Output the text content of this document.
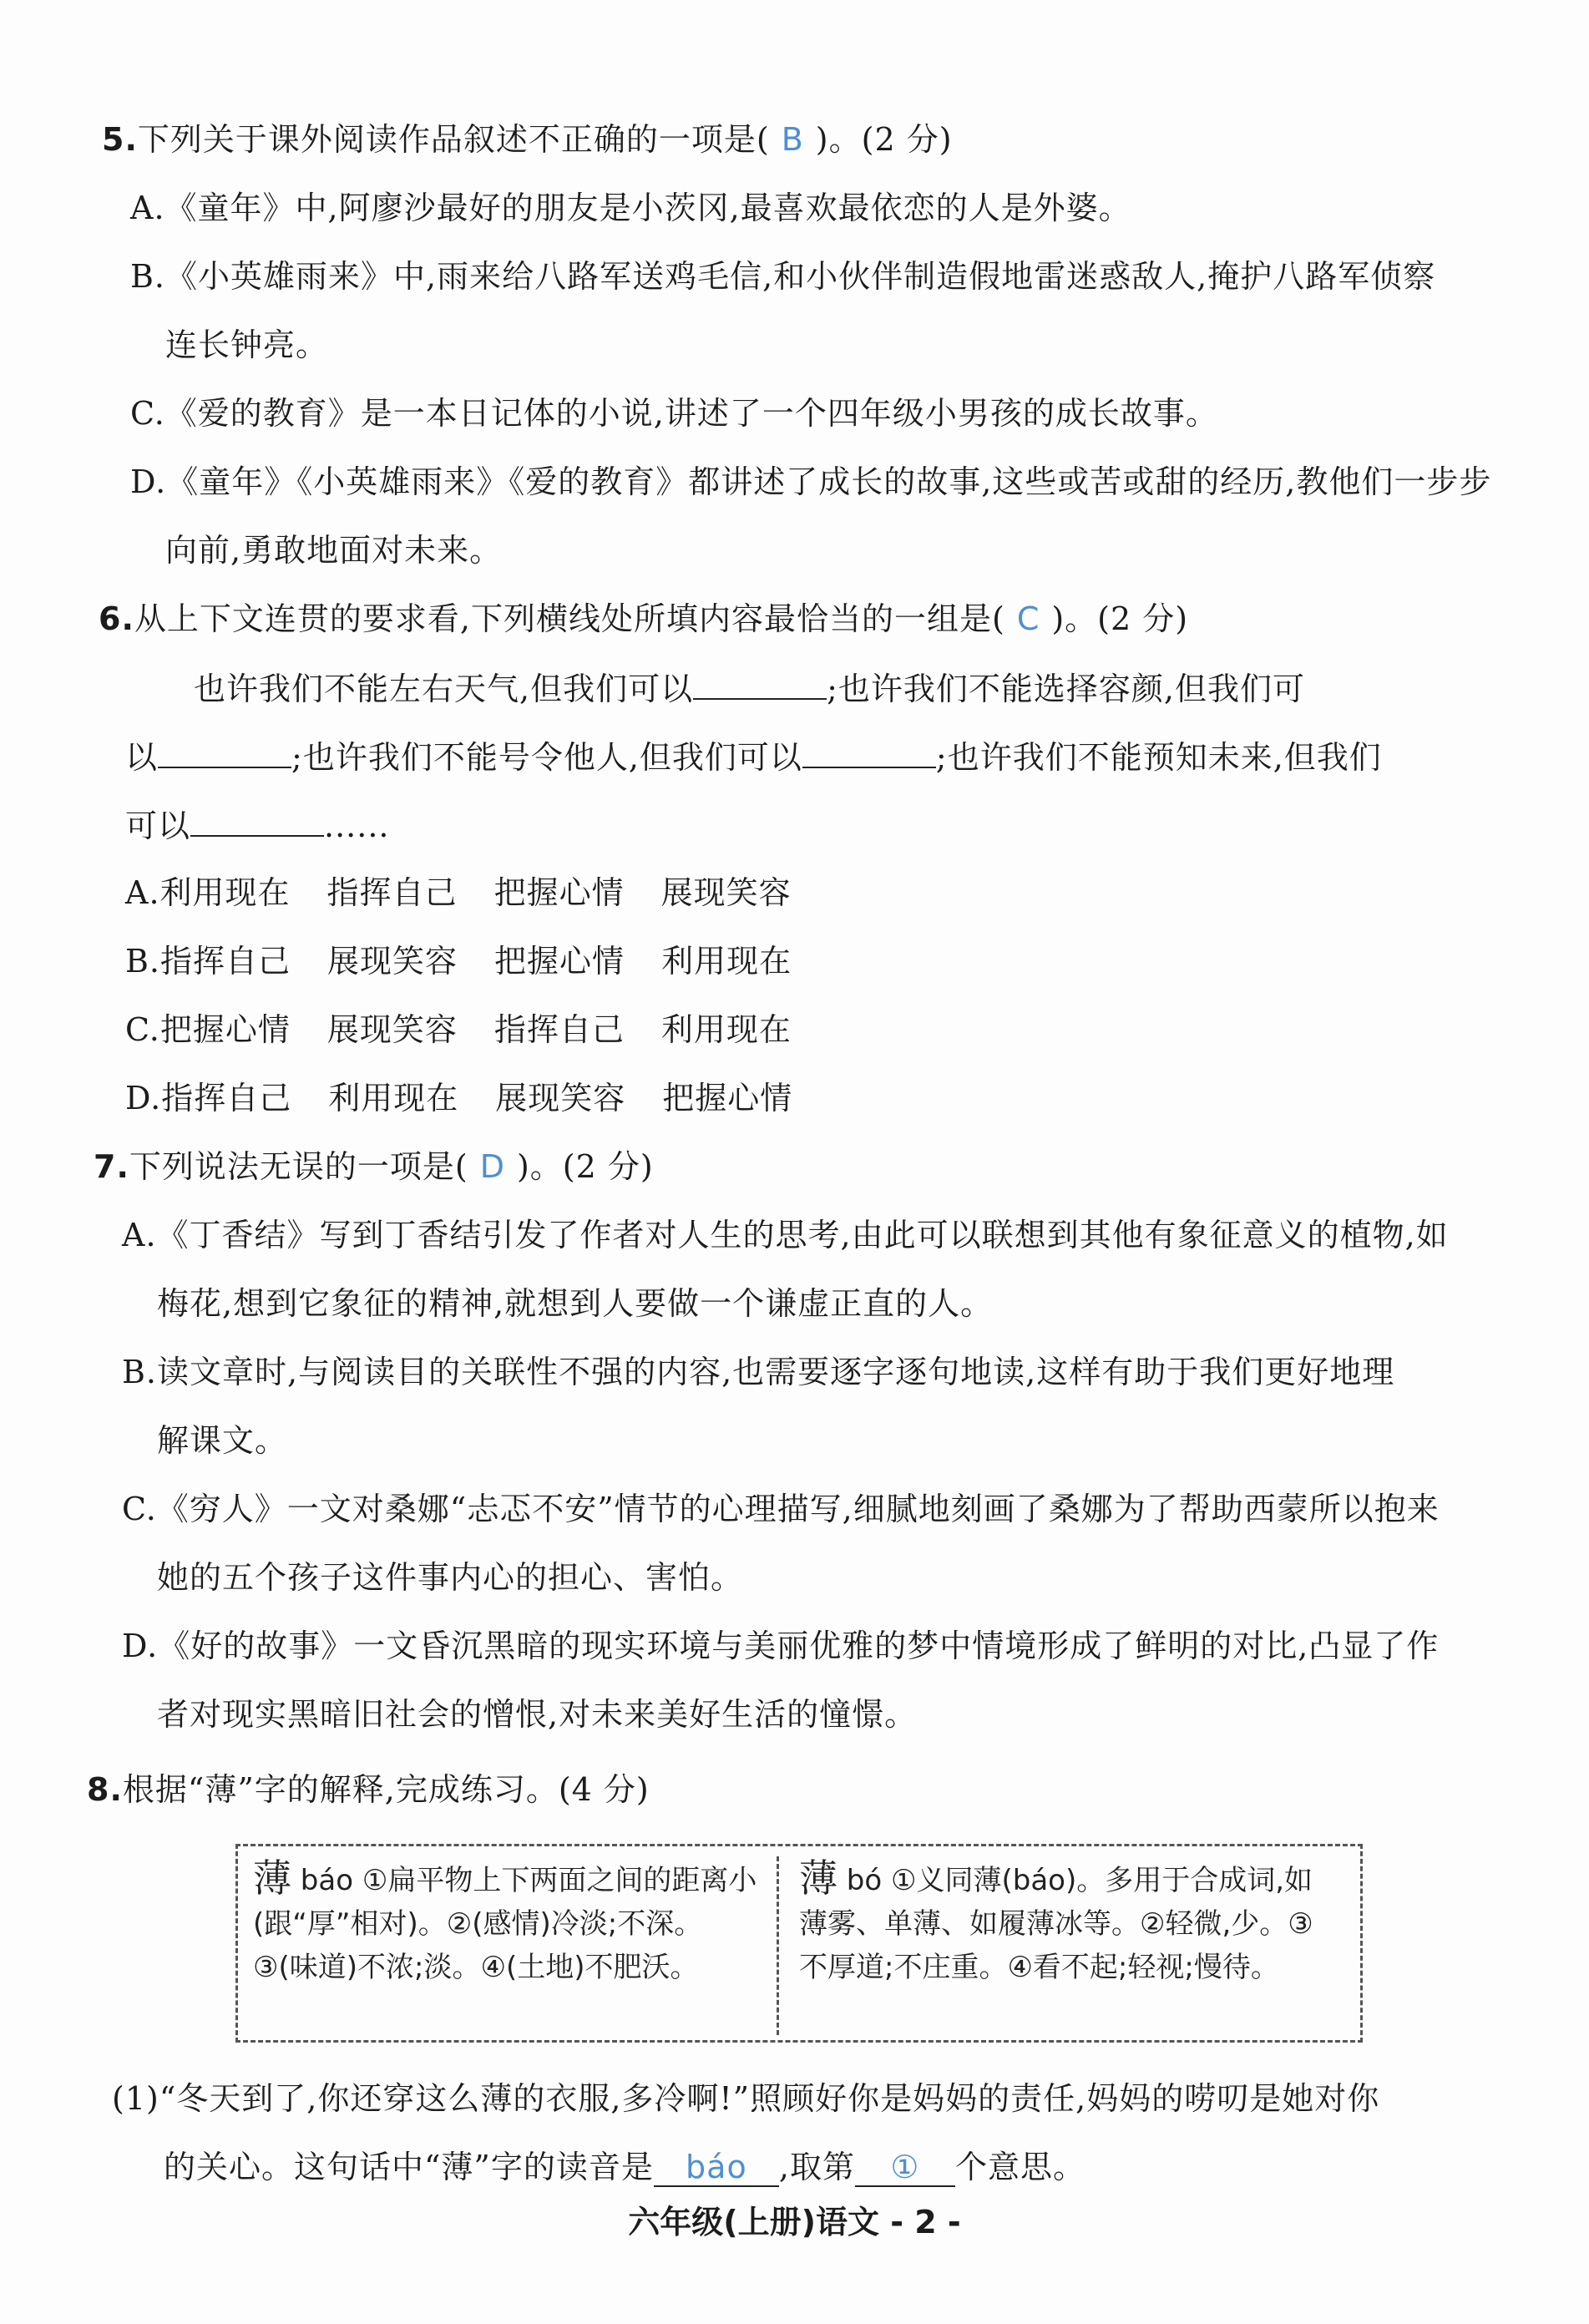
5.下列关于课外阅读作品叙述不正确的一项是( B )。(2 分)
A.《童年》中,阿廖沙最好的朋友是小茨冈,最喜欢最依恋的人是外婆。
B.《小英雄雨来》中,雨来给八路军送鸡毛信,和小伙伴制造假地雷迷惑敌人,掩护八路军侦察
连长钟亮。
C.《爱的教育》是一本日记体的小说,讲述了一个四年级小男孩的成长故事。
D.《童年》《小英雄雨来》《爱的教育》都讲述了成长的故事,这些或苦或甜的经历,教他们一步步
向前,勇敢地面对未来。
6.从上下文连贯的要求看,下列横线处所填内容最恰当的一组是( C )。(2 分)
也许我们不能左右天气,但我们可以	;也许我们不能选择容颜,但我们可
以	;也许我们不能号令他人,但我们可以	;也许我们不能预知未来,但我们
可以	......
A.利用现在 指挥自己 把握心情 展现笑容
B.指挥自己 展现笑容 把握心情 利用现在
C.把握心情 展现笑容 指挥自己 利用现在
D.指挥自己 利用现在 展现笑容 把握心情
7.下列说法无误的一项是( D )。(2 分)
A.《丁香结》写到丁香结引发了作者对人生的思考,由此可以联想到其他有象征意义的植物,如
梅花,想到它象征的精神,就想到人要做一个谦虚正直的人。
B.读文章时,与阅读目的关联性不强的内容,也需要逐字逐句地读,这样有助于我们更好地理
解课文。
C.《穷人》一文对桑娜“忐忑不安”情节的心理描写,细腻地刻画了桑娜为了帮助西蒙所以抱来
她的五个孩子这件事内心的担心、害怕。
D.《好的故事》一文昏沉黑暗的现实环境与美丽优雅的梦中情境形成了鲜明的对比,凸显了作
者对现实黑暗旧社会的憎恨,对未来美好生活的憧憬。
8.根据“薄”字的解释,完成练习。(4 分)
薄 báo ①扁平物上下两面之间的距离小(跟“厚”相对)。②(感情)冷淡;不深。③(味道)不浓;淡。④(土地)不肥沃。
薄 bó ①义同薄(báo)。多用于合成词,如薄雾、单薄、如履薄冰等。②轻微,少。③不厚道;不庄重。④看不起;轻视;慢待。
(1)“冬天到了,你还穿这么薄的衣服,多冷啊!”照顾好你是妈妈的责任,妈妈的唠叨是她对你
的关心。这句话中“薄”字的读音是 báo ,取第 ① 个意思。
六年级(上册)语文 - 2 -
